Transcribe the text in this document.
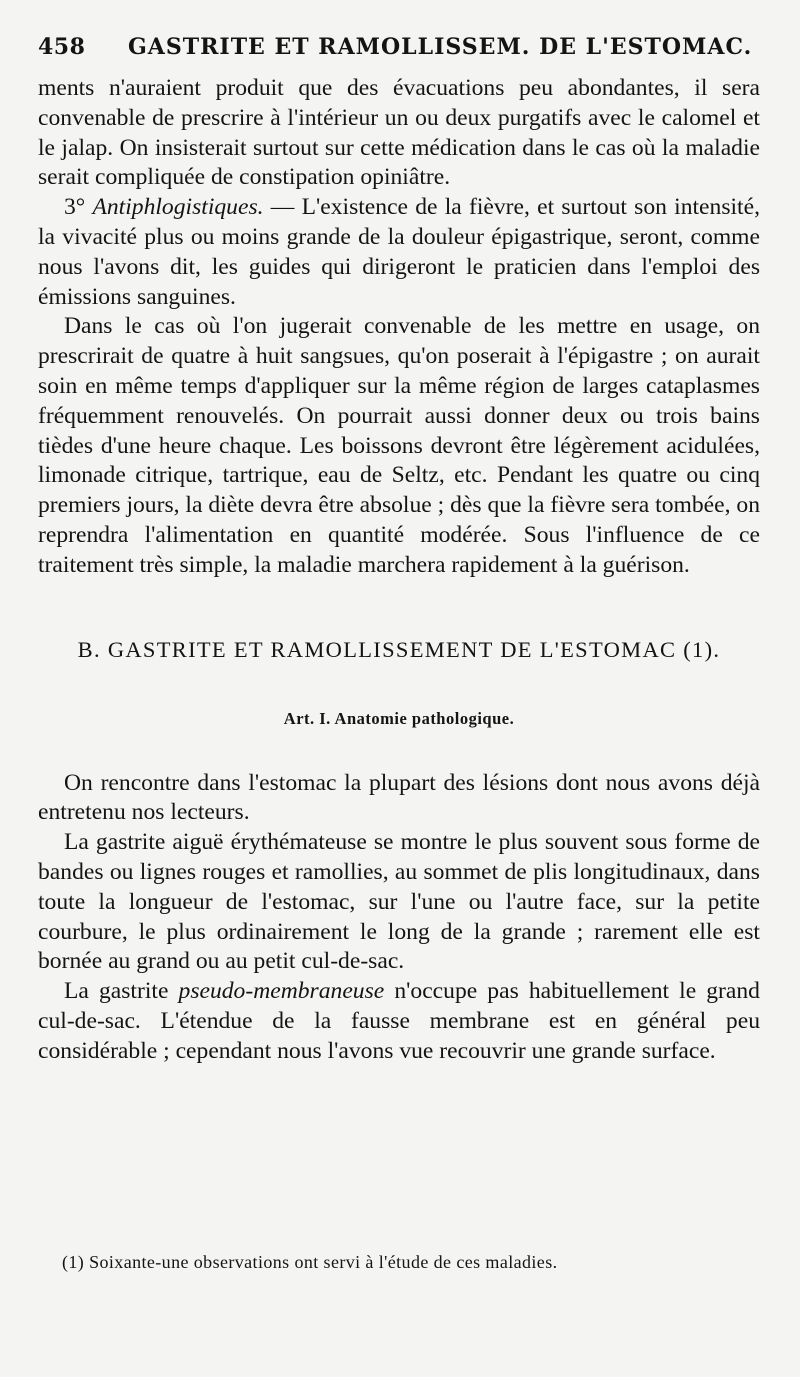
458	GASTRITE ET RAMOLLISSEM. DE L'ESTOMAC.

ments n'auraient produit que des évacuations peu abondantes, il sera convenable de prescrire à l'intérieur un ou deux purgatifs avec le calomel et le jalap. On insisterait surtout sur cette médication dans le cas où la maladie serait compliquée de constipation opiniâtre.

3° Antiphlogistiques. — L'existence de la fièvre, et surtout son intensité, la vivacité plus ou moins grande de la douleur épigastrique, seront, comme nous l'avons dit, les guides qui dirigeront le praticien dans l'emploi des émissions sanguines.

Dans le cas où l'on jugerait convenable de les mettre en usage, on prescrirait de quatre à huit sangsues, qu'on poserait à l'épigastre ; on aurait soin en même temps d'appliquer sur la même région de larges cataplasmes fréquemment renouvelés. On pourrait aussi donner deux ou trois bains tièdes d'une heure chaque. Les boissons devront être légèrement acidulées, limonade citrique, tartrique, eau de Seltz, etc. Pendant les quatre ou cinq premiers jours, la diète devra être absolue ; dès que la fièvre sera tombée, on reprendra l'alimentation en quantité modérée. Sous l'influence de ce traitement très simple, la maladie marchera rapidement à la guérison.

B. GASTRITE ET RAMOLLISSEMENT DE L'ESTOMAC (1).
Art. I. Anatomie pathologique.

On rencontre dans l'estomac la plupart des lésions dont nous avons déjà entretenu nos lecteurs.

La gastrite aiguë érythémateuse se montre le plus souvent sous forme de bandes ou lignes rouges et ramollies, au sommet de plis longitudinaux, dans toute la longueur de l'estomac, sur l'une ou l'autre face, sur la petite courbure, le plus ordinairement le long de la grande ; rarement elle est bornée au grand ou au petit cul-de-sac.

La gastrite pseudo-membraneuse n'occupe pas habituellement le grand cul-de-sac. L'étendue de la fausse membrane est en général peu considérable ; cependant nous l'avons vue recouvrir une grande surface.

(1) Soixante-une observations ont servi à l'étude de ces maladies.
